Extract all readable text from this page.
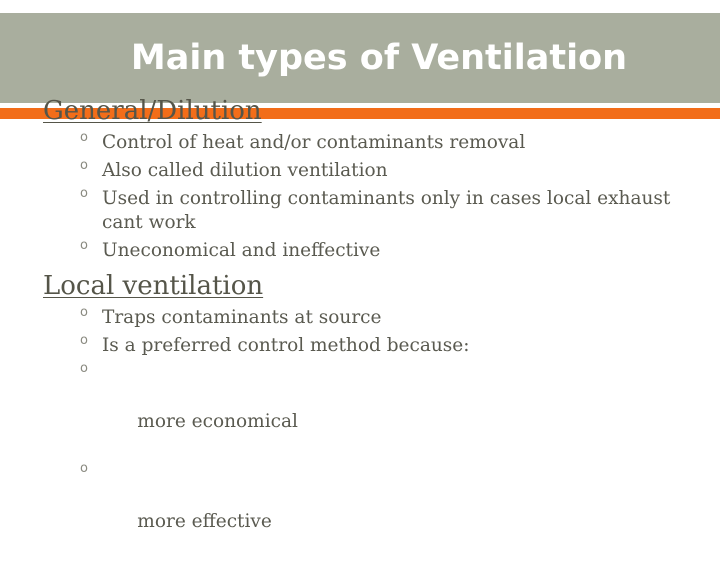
Main types of Ventilation
General/Dilution
o Control of heat and/or contaminants removal
o Also called dilution ventilation
o Used in controlling contaminants only in cases local exhaust cant work
o Uneconomical and ineffective
Local ventilation
o Traps contaminants at source
o Is a preferred control method because:

o

more economical

o

more effective
